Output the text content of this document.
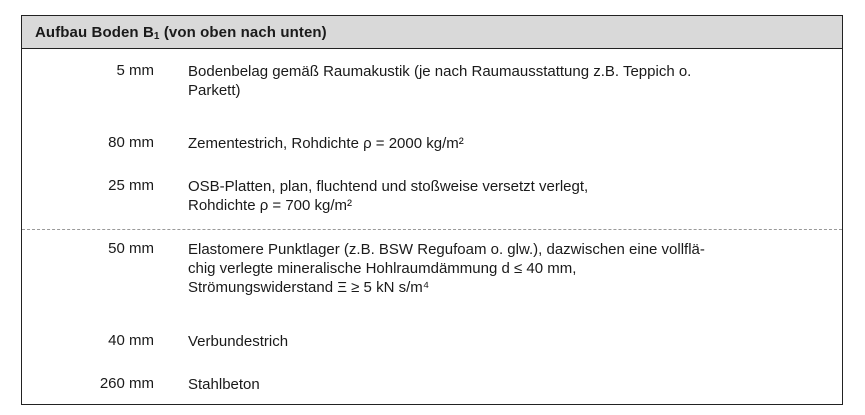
Aufbau Boden $B_1$ (von oben nach unten)
5 mm Bodenbelag gemäß Raumakustik (je nach Raumausstattung z.B. Teppich o.
Parkett)
80 mm Zementestrich, Rohdichte ρ = 2000 kg/m²
25 mm OSB-Platten, plan, fluchtend und stoßweise versetzt verlegt,
Rohdichte ρ = 700 kg/m²
50 mm Elastomere Punktlager (z.B. BSW Regufoam o. glw.), dazwischen eine vollflä-
chig verlegte mineralische Hohlraumdämmung d ≤ 40 mm,
Strömungswiderstand Ξ ≥ 5 kN s/m⁴
40 mm Verbundestrich
260 mm Stahlbeton
